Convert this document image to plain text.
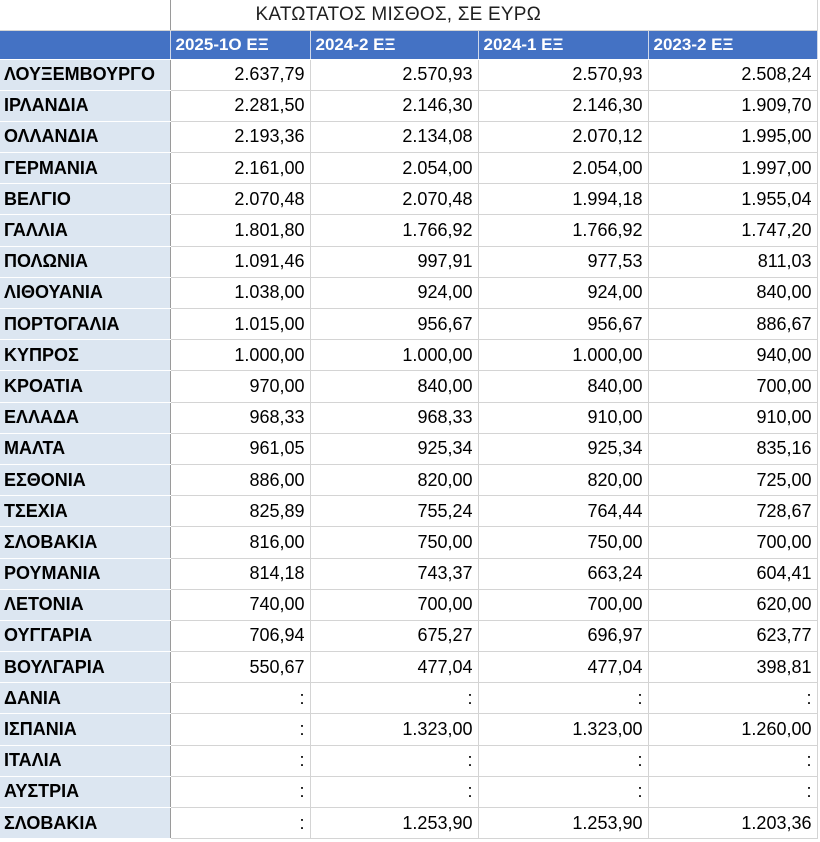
	ΚΑΤΩΤΑΤΟΣ ΜΙΣΘΟΣ, ΣΕ ΕΥΡΩ			
	2025-1Ο ΕΞ	2024-2 ΕΞ	2024-1 ΕΞ	2023-2 ΕΞ
ΛΟΥΞΕΜΒΟΥΡΓΟ	2.637,79	2.570,93	2.570,93	2.508,24
ΙΡΛΑΝΔΙΑ	2.281,50	2.146,30	2.146,30	1.909,70
ΟΛΛΑΝΔΙΑ	2.193,36	2.134,08	2.070,12	1.995,00
ΓΕΡΜΑΝΙΑ	2.161,00	2.054,00	2.054,00	1.997,00
ΒΕΛΓΙΟ	2.070,48	2.070,48	1.994,18	1.955,04
ΓΑΛΛΙΑ	1.801,80	1.766,92	1.766,92	1.747,20
ΠΟΛΩΝΙΑ	1.091,46	997,91	977,53	811,03
ΛΙΘΟΥΑΝΙΑ	1.038,00	924,00	924,00	840,00
ΠΟΡΤΟΓΑΛΙΑ	1.015,00	956,67	956,67	886,67
ΚΥΠΡΟΣ	1.000,00	1.000,00	1.000,00	940,00
ΚΡΟΑΤΙΑ	970,00	840,00	840,00	700,00
ΕΛΛΑΔΑ	968,33	968,33	910,00	910,00
ΜΑΛΤΑ	961,05	925,34	925,34	835,16
ΕΣΘΟΝΙΑ	886,00	820,00	820,00	725,00
ΤΣΕΧΙΑ	825,89	755,24	764,44	728,67
ΣΛΟΒΑΚΙΑ	816,00	750,00	750,00	700,00
ΡΟΥΜΑΝΙΑ	814,18	743,37	663,24	604,41
ΛΕΤΟΝΙΑ	740,00	700,00	700,00	620,00
ΟΥΓΓΑΡΙΑ	706,94	675,27	696,97	623,77
ΒΟΥΛΓΑΡΙΑ	550,67	477,04	477,04	398,81
ΔΑΝΙΑ	:	:	:	:
ΙΣΠΑΝΙΑ	:	1.323,00	1.323,00	1.260,00
ΙΤΑΛΙΑ	:	:	:	:
ΑΥΣΤΡΙΑ	:	:	:	:
ΣΛΟΒΑΚΙΑ	:	1.253,90	1.253,90	1.203,36
